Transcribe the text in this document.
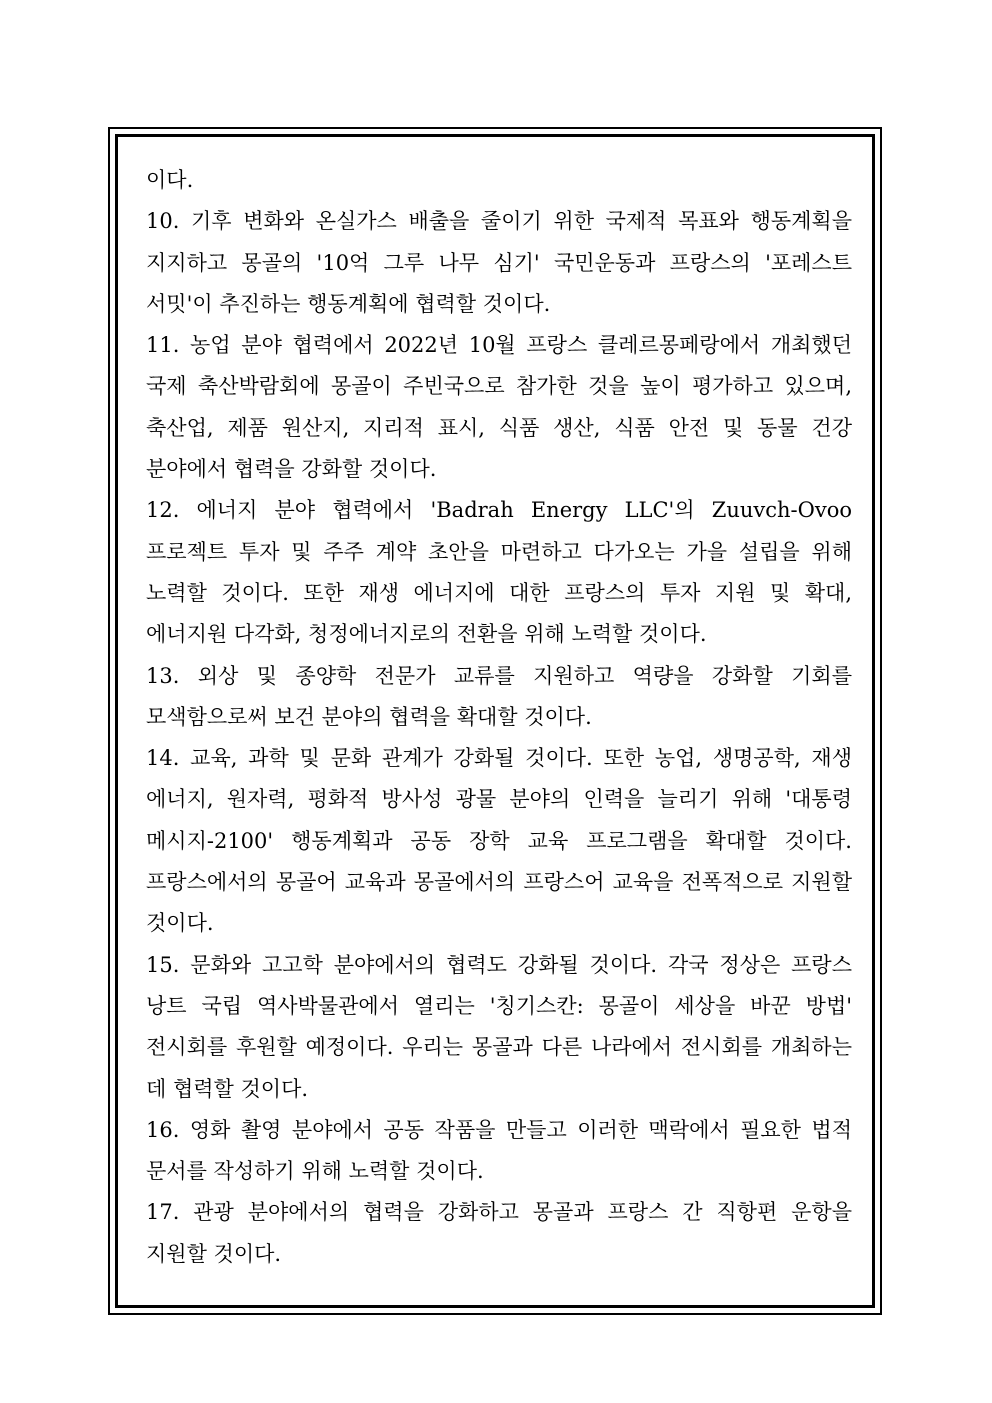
이다.

10. 기후 변화와 온실가스 배출을 줄이기 위한 국제적 목표와 행동계획을 지지하고 몽골의 '10억 그루 나무 심기' 국민운동과 프랑스의 '포레스트 서밋'이 추진하는 행동계획에 협력할 것이다.

11. 농업 분야 협력에서 2022년 10월 프랑스 클레르몽페랑에서 개최했던 국제 축산박람회에 몽골이 주빈국으로 참가한 것을 높이 평가하고 있으며, 축산업, 제품 원산지, 지리적 표시, 식품 생산, 식품 안전 및 동물 건강 분야에서 협력을 강화할 것이다.

12. 에너지 분야 협력에서 'Badrah Energy LLC'의 Zuuvch-Ovoo 프로젝트 투자 및 주주 계약 초안을 마련하고 다가오는 가을 설립을 위해 노력할 것이다. 또한 재생 에너지에 대한 프랑스의 투자 지원 및 확대, 에너지원 다각화, 청정에너지로의 전환을 위해 노력할 것이다.

13. 외상 및 종양학 전문가 교류를 지원하고 역량을 강화할 기회를 모색함으로써 보건 분야의 협력을 확대할 것이다.

14. 교육, 과학 및 문화 관계가 강화될 것이다. 또한 농업, 생명공학, 재생 에너지, 원자력, 평화적 방사성 광물 분야의 인력을 늘리기 위해 '대통령 메시지-2100' 행동계획과 공동 장학 교육 프로그램을 확대할 것이다. 프랑스에서의 몽골어 교육과 몽골에서의 프랑스어 교육을 전폭적으로 지원할 것이다.

15. 문화와 고고학 분야에서의 협력도 강화될 것이다. 각국 정상은 프랑스 낭트 국립 역사박물관에서 열리는 '칭기스칸: 몽골이 세상을 바꾼 방법' 전시회를 후원할 예정이다. 우리는 몽골과 다른 나라에서 전시회를 개최하는 데 협력할 것이다.

16. 영화 촬영 분야에서 공동 작품을 만들고 이러한 맥락에서 필요한 법적 문서를 작성하기 위해 노력할 것이다.

17. 관광 분야에서의 협력을 강화하고 몽골과 프랑스 간 직항편 운항을 지원할 것이다.
